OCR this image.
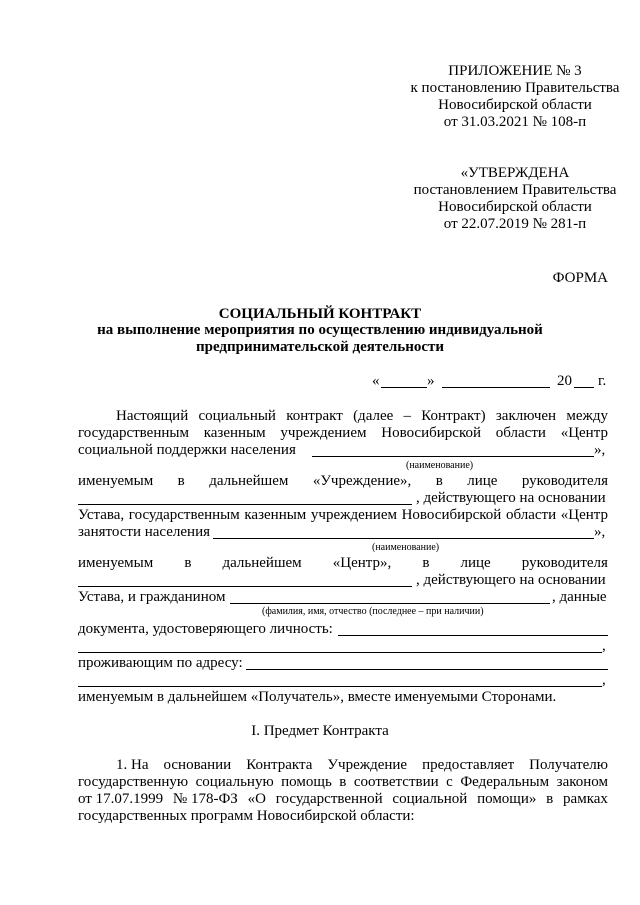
ПРИЛОЖЕНИЕ № 3
к постановлению Правительства
Новосибирской области
от 31.03.2021 № 108-п
«УТВЕРЖДЕНА
постановлением Правительства
Новосибирской области
от 22.07.2019 № 281-п
ФОРМА
СОЦИАЛЬНЫЙ КОНТРАКТ
на выполнение мероприятия по осуществлению индивидуальной
предпринимательской деятельности
«	»	20 г.
Настоящий социальный контракт (далее – Контракт) заключен между
государственным казенным учреждением Новосибирской области «Центр
социальной поддержки населения	»,
(наименование)
именуемым в дальнейшем «Учреждение», в лице руководителя
, действующего на основании
Устава, государственным казенным учреждением Новосибирской области «Центр
занятости населения	»,
(наименование)
именуемым в дальнейшем «Центр», в лице руководителя
, действующего на основании
Устава, и гражданином	, данные
(фамилия, имя, отчество (последнее – при наличии)
документа, удостоверяющего личность:
,
проживающим по адресу:
,
именуемым в дальнейшем «Получатель», вместе именуемыми Сторонами.
I. Предмет Контракта
1. На основании Контракта Учреждение предоставляет Получателю
государственную социальную помощь в соответствии с Федеральным законом
от 17.07.1999 № 178-ФЗ «О государственной социальной помощи» в рамках
государственных программ Новосибирской области:
